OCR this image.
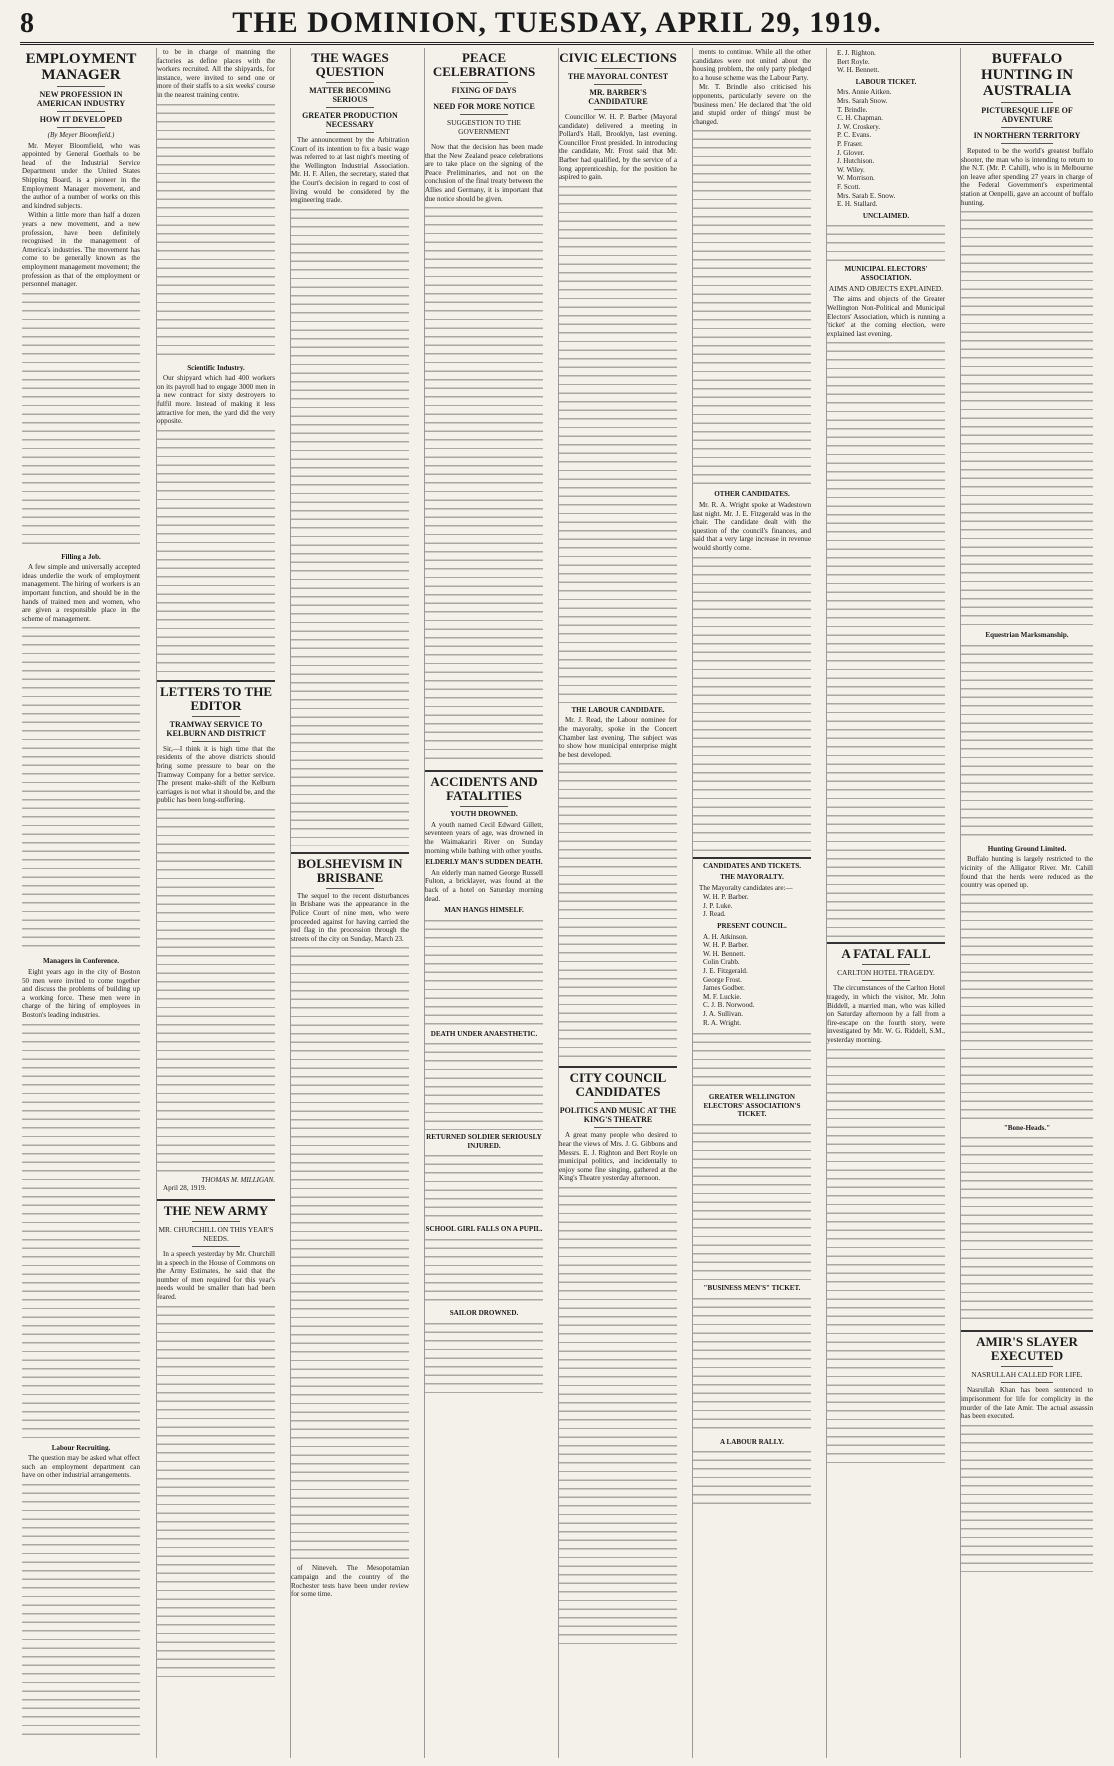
8	THE DOMINION, TUESDAY, APRIL 29, 1919.
EMPLOYMENT MANAGER
NEW PROFESSION IN AMERICAN INDUSTRY
HOW IT DEVELOPED
(By Meyer Bloomfield.)
Mr. Meyer Bloomfield, who was appointed by General Goethals to be head of the Industrial Service Department under the United States Shipping Board, is a pioneer in the Employment Manager movement, and the author of a number of works on this and kindred subjects.
Within a little more than half a dozen years a new movement, and a new profession, have been definitely recognised in the management of America's industries. The movement has come to be generally known as the employment management movement; the profession as that of the employment or personnel manager.
Filling a Job.
A few simple and universally accepted ideas underlie the work of employment management. The hiring of workers is an important function, and should be in the hands of trained men and women, who are given a responsible place in the scheme of management.
Managers in Conference.
Eight years ago in the city of Boston 50 men were invited to come together and discuss the problems of building up a working force. These men were in charge of the hiring of employees in Boston's leading industries.
Labour Recruiting.
The question may be asked what effect such an employment department can have on other industrial arrangements.
to be in charge of manning the factories as define places with the workers recruited. All the shipyards, for instance, were invited to send one or more of their staffs to a six weeks' course in the nearest training centre.
Scientific Industry.
Our shipyard which had 400 workers on its payroll had to engage 3000 men in a new contract for sixty destroyers to fulfil more. Instead of making it less attractive for men, the yard did the very opposite.
LETTERS TO THE EDITOR
TRAMWAY SERVICE TO KELBURN AND DISTRICT
Sir,—I think it is high time that the residents of the above districts should bring some pressure to bear on the Tramway Company for a better service. The present make-shift of the Kelburn carriages is not what it should be, and the public has been long-suffering.
THOMAS M. MILLIGAN.
April 28, 1919.
THE NEW ARMY
MR. CHURCHILL ON THIS YEAR'S NEEDS.
In a speech yesterday by Mr. Churchill in a speech in the House of Commons on the Army Estimates, he said that the number of men required for this year's needs would be smaller than had been feared.
THE WAGES QUESTION
MATTER BECOMING SERIOUS
GREATER PRODUCTION NECESSARY
The announcement by the Arbitration Court of its intention to fix a basic wage was referred to at last night's meeting of the Wellington Industrial Association. Mr. H. F. Allen, the secretary, stated that the Court's decision in regard to cost of living would be considered by the engineering trade.
BOLSHEVISM IN BRISBANE
The sequel to the recent disturbances in Brisbane was the appearance in the Police Court of nine men, who were proceeded against for having carried the red flag in the procession through the streets of the city on Sunday, March 23.
of Nineveh. The Mesopotamian campaign and the country of the Rochester tests have been under review for some time.
PEACE CELEBRATIONS
FIXING OF DAYS
NEED FOR MORE NOTICE
SUGGESTION TO THE GOVERNMENT
Now that the decision has been made that the New Zealand peace celebrations are to take place on the signing of the Peace Preliminaries, and not on the conclusion of the final treaty between the Allies and Germany, it is important that due notice should be given.
ACCIDENTS AND FATALITIES
YOUTH DROWNED.
A youth named Cecil Edward Gillett, seventeen years of age, was drowned in the Waimakariri River on Sunday morning while bathing with other youths.
ELDERLY MAN'S SUDDEN DEATH.
An elderly man named George Russell Fulton, a bricklayer, was found at the back of a hotel on Saturday morning dead.
MAN HANGS HIMSELF.
DEATH UNDER ANAESTHETIC.
RETURNED SOLDIER SERIOUSLY INJURED.
SCHOOL GIRL FALLS ON A PUPIL.
SAILOR DROWNED.
CIVIC ELECTIONS
THE MAYORAL CONTEST
MR. BARBER'S CANDIDATURE
Councillor W. H. P. Barber (Mayoral candidate) delivered a meeting in Pollard's Hall, Brooklyn, last evening. Councillor Frost presided. In introducing the candidate, Mr. Frost said that Mr. Barber had qualified, by the service of a long apprenticeship, for the position he aspired to gain.
THE LABOUR CANDIDATE.
Mr. J. Read, the Labour nominee for the mayoralty, spoke in the Concert Chamber last evening. The subject was to show how municipal enterprise might be best developed.
CITY COUNCIL CANDIDATES
POLITICS AND MUSIC AT THE KING'S THEATRE
A great many people who desired to hear the views of Mrs. J. G. Gibbons and Messrs. E. J. Righton and Bert Royle on municipal politics, and incidentally to enjoy some fine singing, gathered at the King's Theatre yesterday afternoon.
ments to continue. While all the other candidates were not united about the housing problem, the only party pledged to a house scheme was the Labour Party.
Mr. T. Brindle also criticised his opponents, particularly severe on the 'business men.' He declared that 'the old and stupid order of things' must be changed.
OTHER CANDIDATES.
Mr. R. A. Wright spoke at Wadestown last night. Mr. J. E. Fitzgerald was in the chair. The candidate dealt with the question of the council's finances, and said that a very large increase in revenue would shortly come.
CANDIDATES AND TICKETS.
THE MAYORALTY.
The Mayoralty candidates are:—
W. H. P. Barber.
J. P. Luke.
J. Read.
PRESENT COUNCIL.
A. H. Atkinson.
W. H. P. Barber.
W. H. Bennett.
Colin Crabb.
J. E. Fitzgerald.
George Frost.
James Godber.
M. F. Luckie.
C. J. B. Norwood.
J. A. Sullivan.
R. A. Wright.
GREATER WELLINGTON ELECTORS' ASSOCIATION'S TICKET.
"BUSINESS MEN'S" TICKET.
A LABOUR RALLY.
E. J. Righton.
Bert Royle.
W. H. Bennett.
LABOUR TICKET.
Mrs. Annie Aitken.
Mrs. Sarah Snow.
T. Brindle.
C. H. Chapman.
J. W. Croskery.
P. C. Evans.
P. Fraser.
J. Glover.
J. Hutchison.
W. Wiley.
W. Morrison.
F. Scott.
Mrs. Sarah E. Snow.
E. H. Stallard.
UNCLAIMED.
MUNICIPAL ELECTORS' ASSOCIATION.
AIMS AND OBJECTS EXPLAINED.
The aims and objects of the Greater Wellington Non-Political and Municipal Electors' Association, which is running a 'ticket' at the coming election, were explained last evening.
A FATAL FALL
CARLTON HOTEL TRAGEDY.
The circumstances of the Carlton Hotel tragedy, in which the visitor, Mr. John Biddell, a married man, who was killed on Saturday afternoon by a fall from a fire-escape on the fourth story, were investigated by Mr. W. G. Riddell, S.M., yesterday morning.
BUFFALO HUNTING IN AUSTRALIA
PICTURESQUE LIFE OF ADVENTURE
IN NORTHERN TERRITORY
Reputed to be the world's greatest buffalo shooter, the man who is intending to return to the N.T. (Mr. P. Cahill), who is in Melbourne on leave after spending 27 years in charge of the Federal Government's experimental station at Oenpelli, gave an account of buffalo hunting.
Equestrian Marksmanship.
Hunting Ground Limited.
Buffalo hunting is largely restricted to the vicinity of the Alligator River. Mr. Cahill found that the herds were reduced as the country was opened up.
"Bone-Heads."
AMIR'S SLAYER EXECUTED
NASRULLAH CALLED FOR LIFE.
Nasrullah Khan has been sentenced to imprisonment for life for complicity in the murder of the late Amir. The actual assassin has been executed.
